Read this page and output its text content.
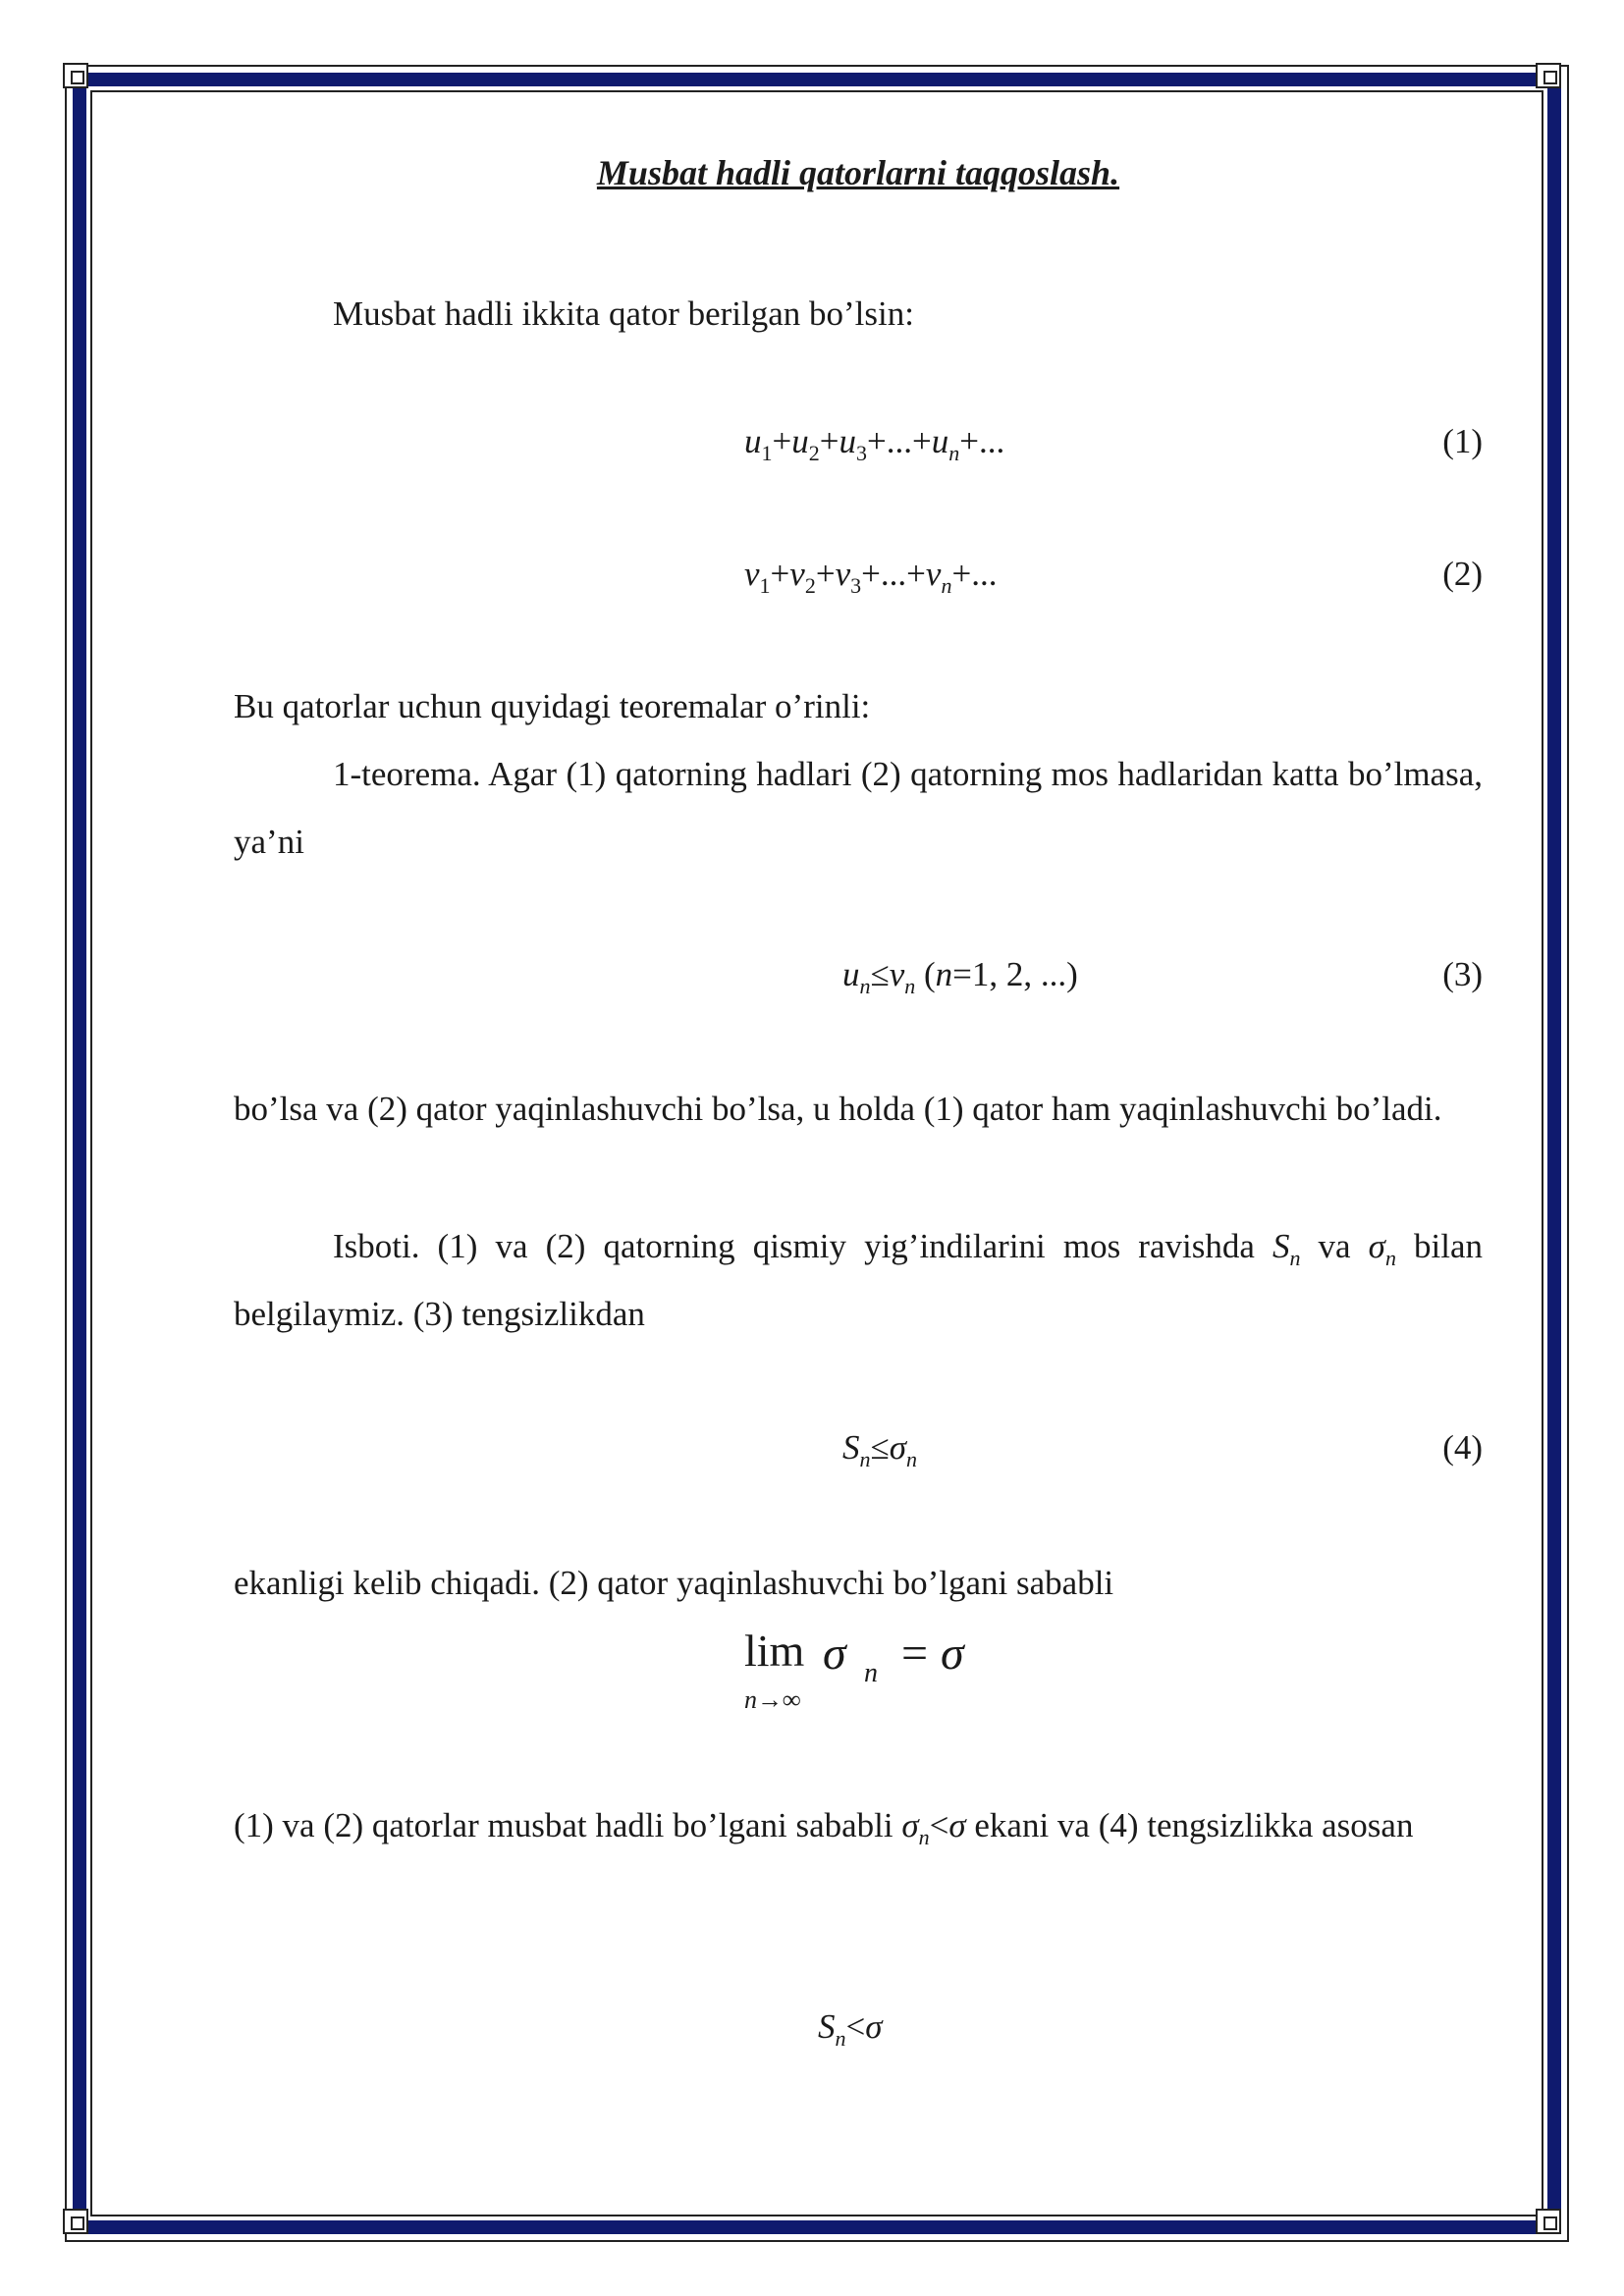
Musbat hadli qatorlarni taqqoslash.
Musbat hadli ikkita qator berilgan bo’lsin:
$u_1+u_2+u_3+...+u_n+$...	(1)
$v_1+v_2+v_3+...+v_n+$...	(2)
Bu qatorlar uchun quyidagi teoremalar o’rinli:
1-teorema. Agar (1) qatorning hadlari (2) qatorning mos hadlaridan katta bo’lmasa, ya’ni
$u_n\le v_n$ (n=1, 2, ...)	(3)
bo’lsa va (2) qator yaqinlashuvchi bo’lsa, u holda (1) qator ham yaqinlashuvchi bo’ladi.
Isboti. (1) va (2) qatorning qismiy yig’indilarini mos ravishda $S_n$ va $\sigma_n$ bilan belgilaymiz. (3) tengsizlikdan
$S_n\le\sigma_n$	(4)
ekanligi kelib chiqadi. (2) qator yaqinlashuvchi bo’lgani sababli
lim
n→∞
σ n = σ
(1) va (2) qatorlar musbat hadli bo’lgani sababli $\sigma_n<\sigma$ ekani va (4) tengsizlikka asosan
$S_n<\sigma$
